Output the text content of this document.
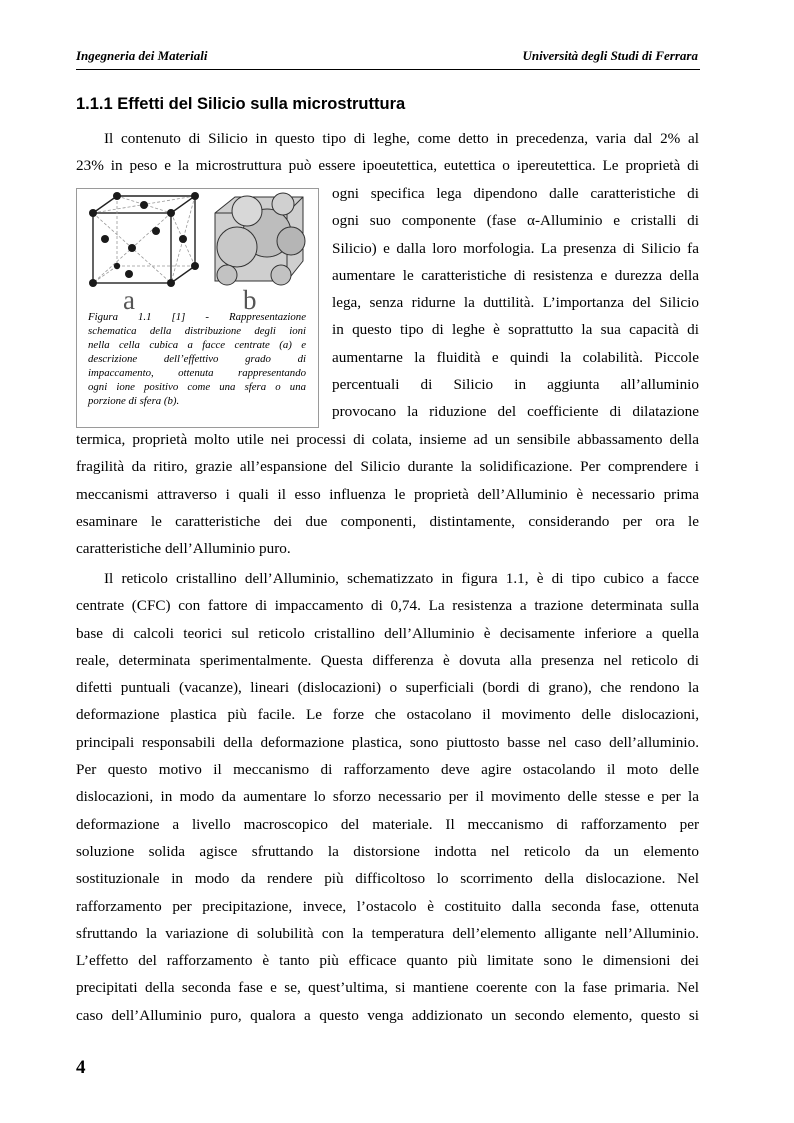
Ingegneria dei Materiali	Università degli Studi di Ferrara
1.1.1 Effetti del Silicio sulla microstruttura
Il contenuto di Silicio in questo tipo di leghe, come detto in precedenza, varia dal 2% al
23% in peso e la microstruttura può essere ipoeutettica, eutettica o ipereutettica. Le proprietà di
a	b
Figura 1.1 [1] - Rappresentazione
schematica della distribuzione degli ioni
nella cella cubica a facce centrate (a) e
descrizione dell’effettivo grado di
impaccamento, ottenuta rappresentando
ogni ione positivo come una sfera o una
porzione di sfera (b).
ogni specifica lega dipendono dalle caratteristiche di
ogni suo componente (fase α-Alluminio e cristalli di
Silicio) e dalla loro morfologia. La presenza di Silicio fa
aumentare le caratteristiche di resistenza e durezza della
lega, senza ridurne la duttilità. L’importanza del Silicio
in questo tipo di leghe è soprattutto la sua capacità di
aumentarne la fluidità e quindi la colabilità. Piccole
percentuali di Silicio in aggiunta all’alluminio
provocano la riduzione del coefficiente di dilatazione
termica, proprietà molto utile nei processi di colata, insieme ad un sensibile abbassamento della
fragilità da ritiro, grazie all’espansione del Silicio durante la solidificazione. Per comprendere i
meccanismi attraverso i quali il esso influenza le proprietà dell’Alluminio è necessario prima
esaminare le caratteristiche dei due componenti, distintamente, considerando per ora le
caratteristiche dell’Alluminio puro.
Il reticolo cristallino dell’Alluminio, schematizzato in figura 1.1, è di tipo cubico a facce
centrate (CFC) con fattore di impaccamento di 0,74. La resistenza a trazione determinata sulla
base di calcoli teorici sul reticolo cristallino dell’Alluminio è decisamente inferiore a quella
reale, determinata sperimentalmente. Questa differenza è dovuta alla presenza nel reticolo di
difetti puntuali (vacanze), lineari (dislocazioni) o superficiali (bordi di grano), che rendono la
deformazione plastica più facile. Le forze che ostacolano il movimento delle dislocazioni,
principali responsabili della deformazione plastica, sono piuttosto basse nel caso dell’alluminio.
Per questo motivo il meccanismo di rafforzamento deve agire ostacolando il moto delle
dislocazioni, in modo da aumentare lo sforzo necessario per il movimento delle stesse e per la
deformazione a livello macroscopico del materiale. Il meccanismo di rafforzamento per
soluzione solida agisce sfruttando la distorsione indotta nel reticolo da un elemento
sostituzionale in modo da rendere più difficoltoso lo scorrimento della dislocazione. Nel
rafforzamento per precipitazione, invece, l’ostacolo è costituito dalla seconda fase, ottenuta
sfruttando la variazione di solubilità con la temperatura dell’elemento alligante nell’Alluminio.
L’effetto del rafforzamento è tanto più efficace quanto più limitate sono le dimensioni dei
precipitati della seconda fase e se, quest’ultima, si mantiene coerente con la fase primaria. Nel
caso dell’Alluminio puro, qualora a questo venga addizionato un secondo elemento, questo si
4
